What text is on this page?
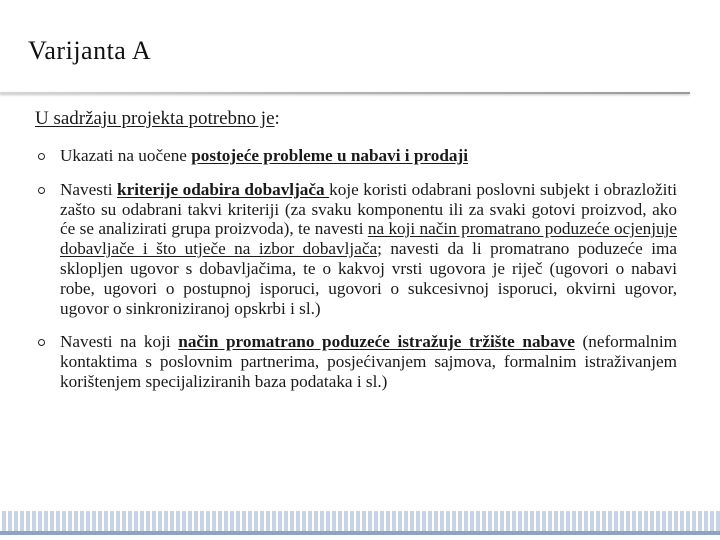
Varijanta A
U sadržaju projekta potrebno je:
Ukazati na uočene postojeće probleme u nabavi i prodaji
Navesti kriterije odabira dobavljača koje koristi odabrani poslovni subjekt i obrazložiti zašto su odabrani takvi kriteriji (za svaku komponentu ili za svaki gotovi proizvod, ako će se analizirati grupa proizvoda), te navesti na koji način promatrano poduzeće ocjenjuje dobavljače i što utječe na izbor dobavljača; navesti da li promatrano poduzeće ima sklopljen ugovor s dobavljačima, te o kakvoj vrsti ugovora je riječ (ugovori o nabavi robe, ugovori o postupnoj isporuci, ugovori o sukcesivnoj isporuci, okvirni ugovor, ugovor o sinkroniziranoj opskrbi i sl.)
Navesti na koji način promatrano poduzeće istražuje tržište nabave (neformalnim kontaktima s poslovnim partnerima, posjećivanjem sajmova, formalnim istraživanjem korištenjem specijaliziranih baza podataka i sl.)
